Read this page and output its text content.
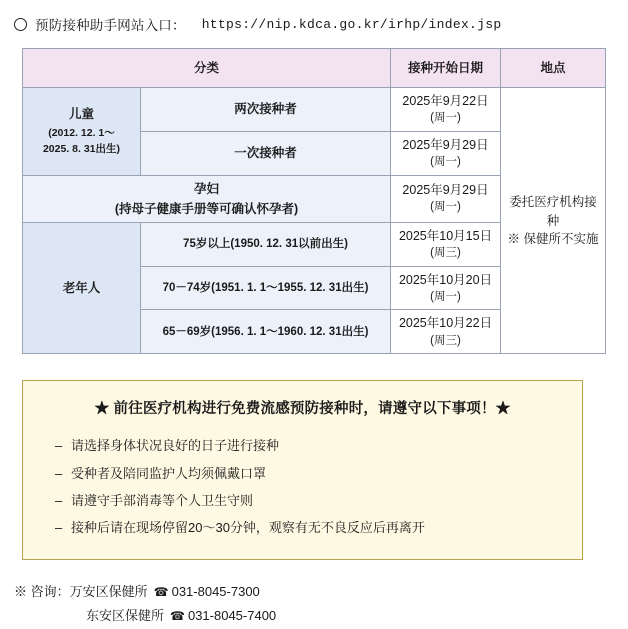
预防接种助手网站入口： https://nip.kdca.go.kr/irhp/index.jsp
分类		接种开始日期	地点
儿童
(2012. 12. 1～
2025. 8. 31出生)	两次接种者	2025年9月22日
(周一)	委托医疗机构接种
※ 保健所不实施

	一次接种者	2025年9月29日
(周一)	

孕妇
(持母子健康手册等可确认怀孕者)		2025年9月29日
(周一)	

老年人	75岁以上(1950. 12. 31以前出生)	2025年10月15日
(周三)	

	70－74岁(1951. 1. 1～1955. 12. 31出生)	2025年10月20日
(周一)	

	65－69岁(1956. 1. 1～1960. 12. 31出生)	2025年10月22日
(周三)	
★ 前往医疗机构进行免费流感预防接种时，请遵守以下事项！★
– 请选择身体状况良好的日子进行接种
– 受种者及陪同监护人均须佩戴口罩
– 请遵守手部消毒等个人卫生守则
– 接种后请在现场停留20～30分钟，观察有无不良反应后再离开
※ 咨询： 万安区保健所 ☎ 031-8045-7300
东安区保健所 ☎ 031-8045-7400
